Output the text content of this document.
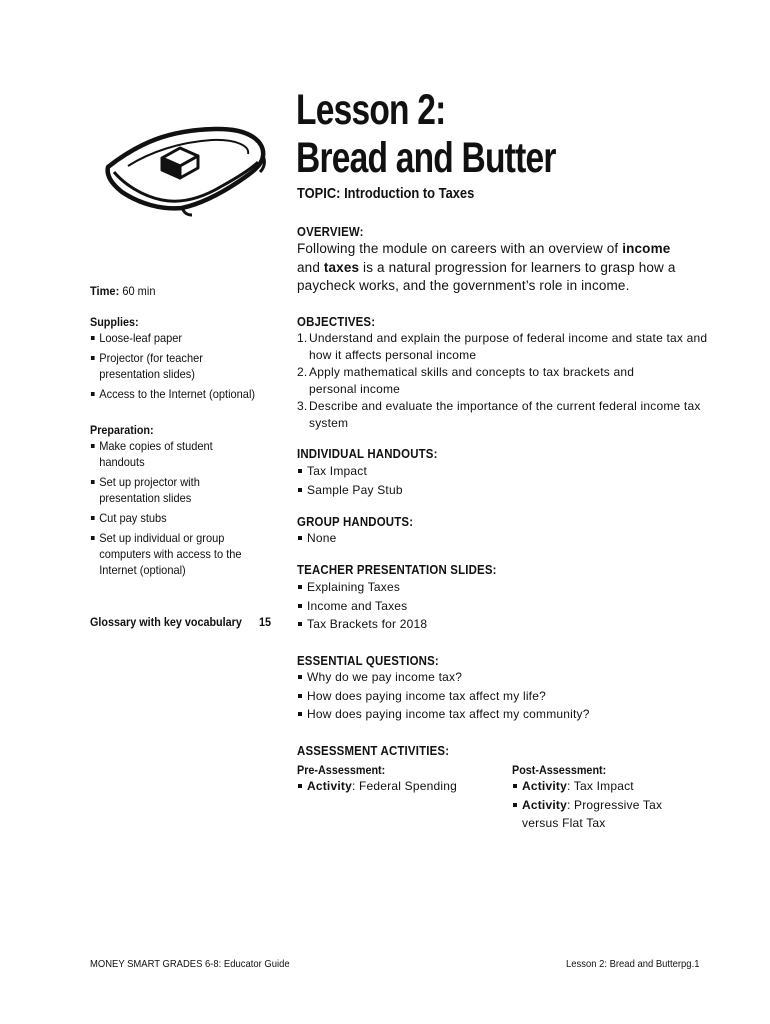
Lesson 2:
Bread and Butter
TOPIC: Introduction to Taxes
OVERVIEW:
Following the module on careers with an overview of income
and taxes is a natural progression for learners to grasp how a paycheck works, and the government’s role in income.
Time: 60 min
Supplies:
Loose-leaf paper
Projector (for teacher presentation slides)
Access to the Internet (optional)
Preparation:
Make copies of student handouts
Set up projector with presentation slides
Cut pay stubs
Set up individual or group computers with access to the Internet (optional)
Glossary with key vocabulary 15
OBJECTIVES:
1. Understand and explain the purpose of federal income and state tax and how it affects personal income
2. Apply mathematical skills and concepts to tax brackets and personal income
3. Describe and evaluate the importance of the current federal income tax system
INDIVIDUAL HANDOUTS:
Tax Impact
Sample Pay Stub
GROUP HANDOUTS:
None
TEACHER PRESENTATION SLIDES:
Explaining Taxes
Income and Taxes
Tax Brackets for 2018
ESSENTIAL QUESTIONS:
Why do we pay income tax?
How does paying income tax affect my life?
How does paying income tax affect my community?
ASSESSMENT ACTIVITIES:
Pre-Assessment:
Activity: Federal Spending
Post-Assessment:
Activity: Tax Impact
Activity: Progressive Tax versus Flat Tax
MONEY SMART GRADES 6-8: Educator Guide	Lesson 2: Bread and Butterpg.1
